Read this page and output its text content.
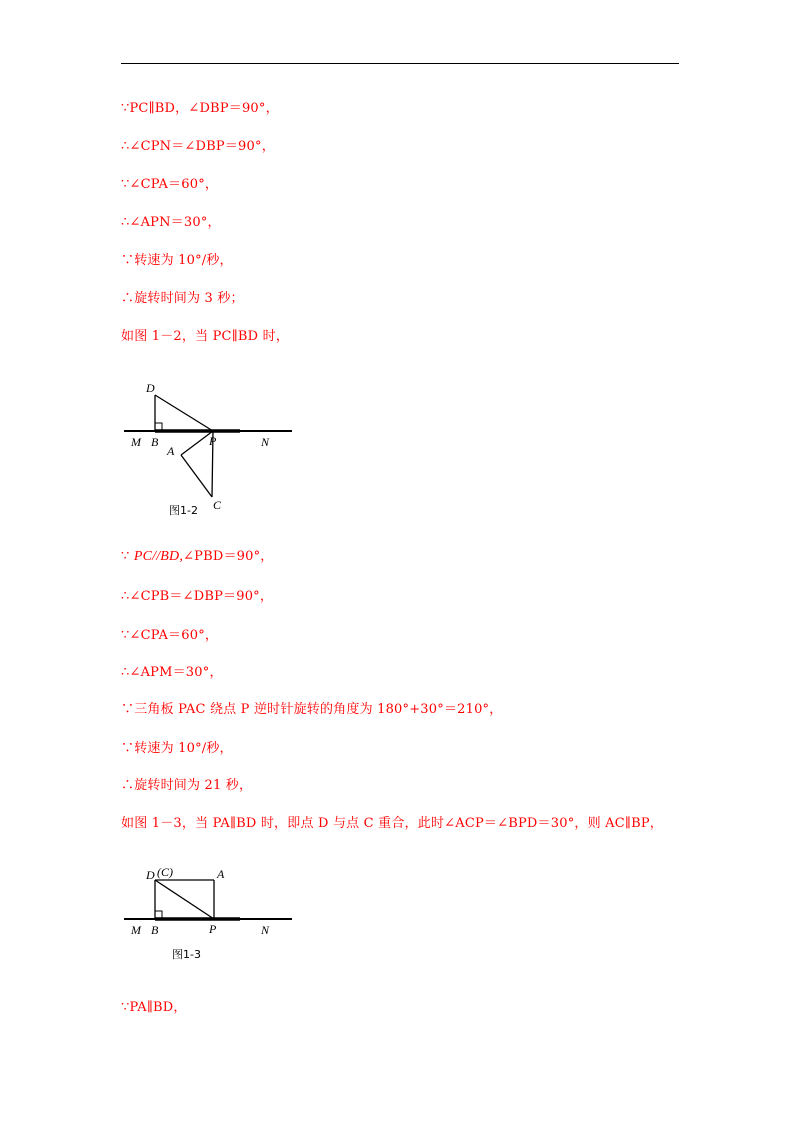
∵PC∥BD，∠DBP＝90°，
∴∠CPN＝∠DBP＝90°，
∵∠CPA＝60°，
∴∠APN＝30°，
∵转速为 10°/秒，
∴旋转时间为 3 秒；
如图 1－2，当 PC∥BD 时，
D
M B
A
P	N
C
图1-2
∵ PC//BD,∠PBD＝90°，
∴∠CPB＝∠DBP＝90°，
∵∠CPA＝60°，
∴∠APM＝30°，
∵三角板 PAC 绕点 P 逆时针旋转的角度为 180°+30°＝210°，
∵转速为 10°/秒，
∴旋转时间为 21 秒，
如图 1－3，当 PA∥BD 时，即点 D 与点 C 重合，此时∠ACP＝∠BPD＝30°，则 AC∥BP，
D (C)	A
M B	P	N
图1-3
∵PA∥BD，
